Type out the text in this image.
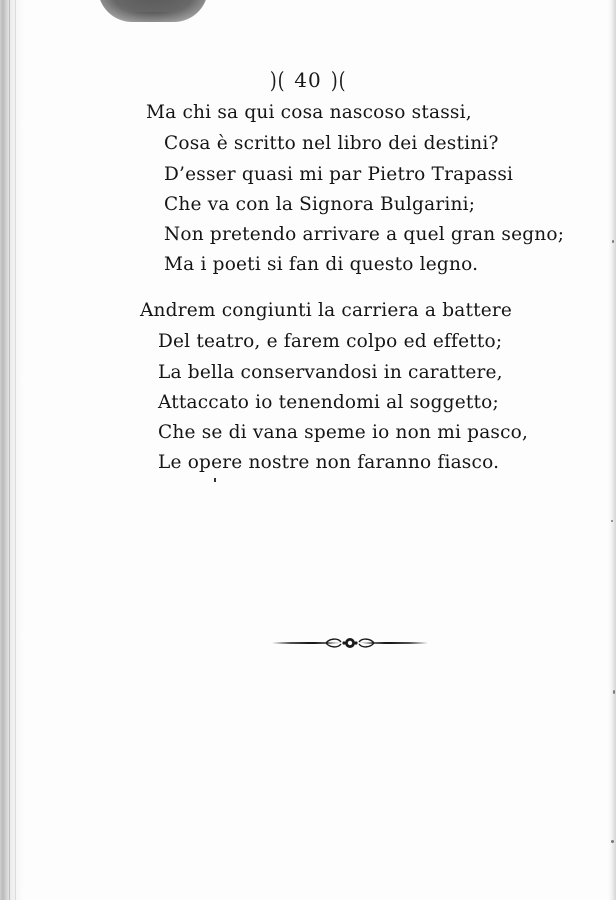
)( 40 )(
Ma chi sa qui cosa nascoso stassi,
Cosa è scritto nel libro dei destini?
D’esser quasi mi par Pietro Trapassi
Che va con la Signora Bulgarini;
Non pretendo arrivare a quel gran segno;
Ma i poeti si fan di questo legno.
Andrem congiunti la carriera a battere
Del teatro, e farem colpo ed effetto;
La bella conservandosi in carattere,
Attaccato io tenendomi al soggetto;
Che se di vana speme io non mi pasco,
Le opere nostre non faranno fiasco.
